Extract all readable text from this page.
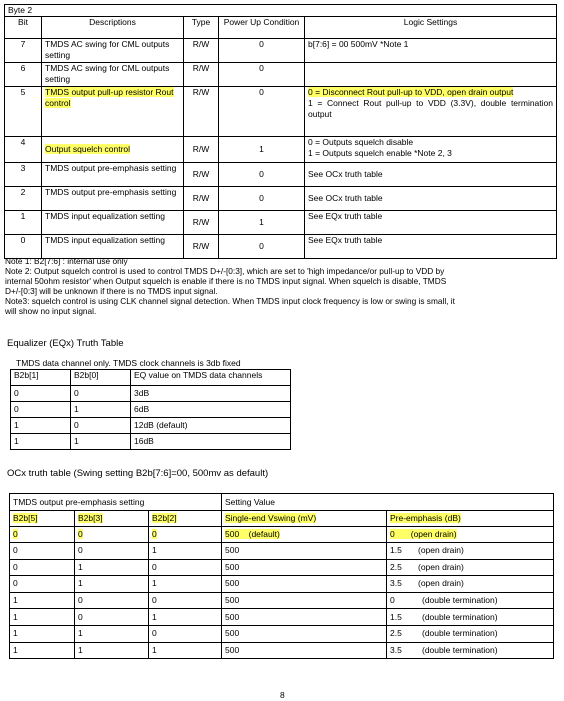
Byte 2				
Bit	Descriptions	Type	Power Up Condition	Logic Settings
7	TMDS AC swing for CML outputs setting	R/W	0	b[7:6] = 00 500mV *Note 1
6	TMDS AC swing for CML outputs setting	R/W	0	
5	TMDS output pull-up resistor Rout control	R/W	0	0 = Disconnect Rout pull-up to VDD, open drain output
1 = Connect Rout pull-up to VDD (3.3V), double termination output
4	Output squelch control	R/W	1	0 = Outputs squelch disable
1 = Outputs squelch enable *Note 2, 3
3	TMDS output pre-emphasis setting	R/W	0	See OCx truth table
2	TMDS output pre-emphasis setting	R/W	0	See OCx truth table
1	TMDS input equalization setting	R/W	1	See EQx truth table
0	TMDS input equalization setting	R/W	0	See EQx truth table
Note 1: B2[7:6] : internal use only
Note 2: Output squelch control is used to control TMDS D+/-[0:3], which are set to 'high impedance/or pull-up to VDD by
internal 50ohm resistor' when Output squelch is enable if there is no TMDS input signal. When squelch is disable, TMDS
D+/-[0:3] will be unknown if there is no TMDS input signal.
Note3: squelch control is using CLK channel signal detection. When TMDS input clock frequency is low or swing is small, it
will show no input signal.
Equalizer (EQx) Truth Table
TMDS data channel only. TMDS clock channels is 3db fixed
B2b[1]	B2b[0]	EQ value on TMDS data channels
0	0	3dB
0	1	6dB
1	0	12dB (default)
1	1	16dB
OCx truth table (Swing setting B2b[7:6]=00, 500mv as default)
TMDS output pre-emphasis setting			Setting Value	
B2b[5]	B2b[3]	B2b[2]	Single-end Vswing (mV)	Pre-emphasis (dB)
0	0	0	500    (default)	0 (open drain)
0	0	1	500	1.5 (open drain)
0	1	0	500	2.5 (open drain)
0	1	1	500	3.5 (open drain)
1	0	0	500	0 (double termination)
1	0	1	500	1.5 (double termination)
1	1	0	500	2.5 (double termination)
1	1	1	500	3.5 (double termination)
8
